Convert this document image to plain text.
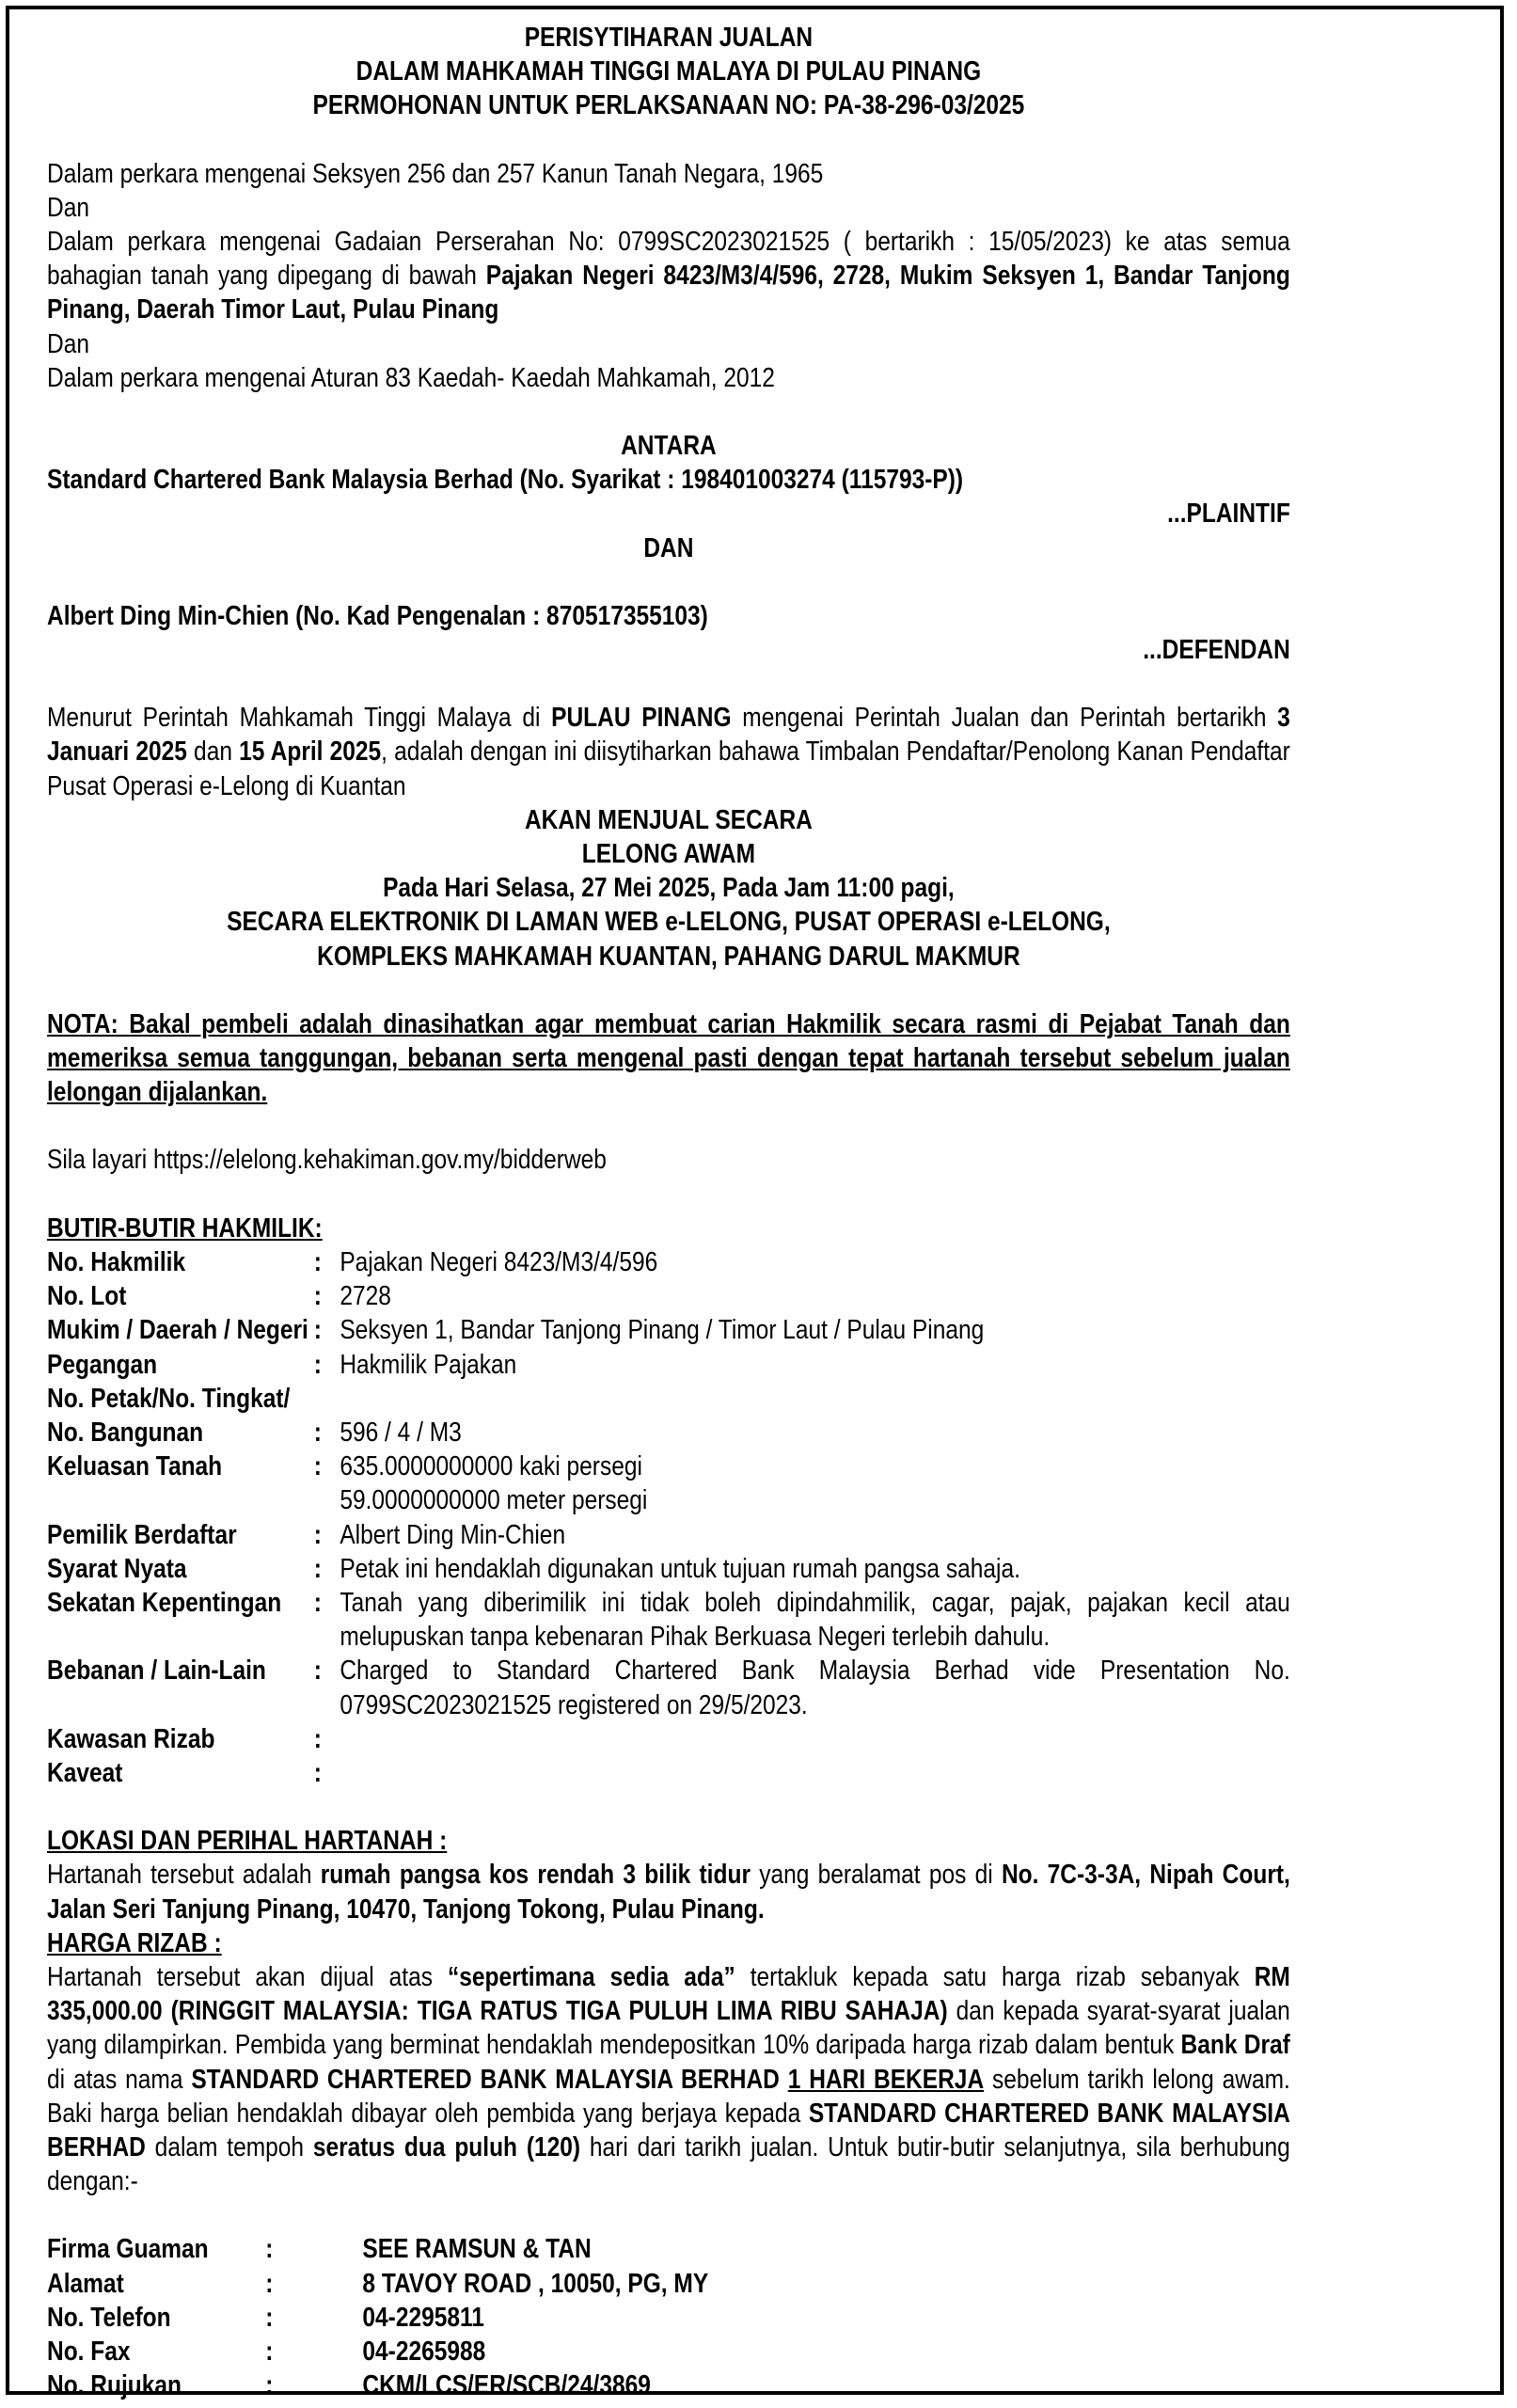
PERISYTIHARAN JUALAN

DALAM MAHKAMAH TINGGI MALAYA DI PULAU PINANG

PERMOHONAN UNTUK PERLAKSANAAN NO: PA-38-296-03/2025

Dalam perkara mengenai Seksyen 256 dan 257 Kanun Tanah Negara, 1965

Dan

Dalam perkara mengenai Gadaian Perserahan No: 0799SC2023021525 ( bertarikh : 15/05/2023) ke atas semua bahagian tanah yang dipegang di bawah Pajakan Negeri 8423/M3/4/596, 2728, Mukim Seksyen 1, Bandar Tanjong Pinang, Daerah Timor Laut, Pulau Pinang

Dan

Dalam perkara mengenai Aturan 83 Kaedah- Kaedah Mahkamah, 2012

ANTARA

Standard Chartered Bank Malaysia Berhad (No. Syarikat : 198401003274 (115793-P))

...PLAINTIF

DAN

Albert Ding Min-Chien (No. Kad Pengenalan : 870517355103)

...DEFENDAN

Menurut Perintah Mahkamah Tinggi Malaya di PULAU PINANG mengenai Perintah Jualan dan Perintah bertarikh 3 Januari 2025 dan 15 April 2025, adalah dengan ini diisytiharkan bahawa Timbalan Pendaftar/Penolong Kanan Pendaftar Pusat Operasi e-Lelong di Kuantan

AKAN MENJUAL SECARA

LELONG AWAM

Pada Hari Selasa, 27 Mei 2025, Pada Jam 11:00 pagi,

SECARA ELEKTRONIK DI LAMAN WEB e-LELONG, PUSAT OPERASI e-LELONG,

KOMPLEKS MAHKAMAH KUANTAN, PAHANG DARUL MAKMUR

NOTA: Bakal pembeli adalah dinasihatkan agar membuat carian Hakmilik secara rasmi di Pejabat Tanah dan memeriksa semua tanggungan, bebanan serta mengenal pasti dengan tepat hartanah tersebut sebelum jualan lelongan dijalankan.

Sila layari https://elelong.kehakiman.gov.my/bidderweb

BUTIR-BUTIR HAKMILIK:

No. Hakmilik	:	Pajakan Negeri 8423/M3/4/596
No. Lot	:	2728
Mukim / Daerah / Negeri	:	Seksyen 1, Bandar Tanjong Pinang / Timor Laut / Pulau Pinang
Pegangan	:	Hakmilik Pajakan
No. Petak/No. Tingkat/		
No. Bangunan	:	596 / 4 / M3
Keluasan Tanah	:	635.0000000000 kaki persegi
		59.0000000000 meter persegi
Pemilik Berdaftar	:	Albert Ding Min-Chien
Syarat Nyata	:	Petak ini hendaklah digunakan untuk tujuan rumah pangsa sahaja.
Sekatan Kepentingan	:	Tanah yang diberimilik ini tidak boleh dipindahmilik, cagar, pajak, pajakan kecil atau melupuskan tanpa kebenaran Pihak Berkuasa Negeri terlebih dahulu.
Bebanan / Lain-Lain	:	Charged to Standard Chartered Bank Malaysia Berhad vide Presentation No. 0799SC2023021525 registered on 29/5/2023.
Kawasan Rizab	:	
Kaveat	:	

LOKASI DAN PERIHAL HARTANAH :

Hartanah tersebut adalah rumah pangsa kos rendah 3 bilik tidur yang beralamat pos di No. 7C-3-3A, Nipah Court, Jalan Seri Tanjung Pinang, 10470, Tanjong Tokong, Pulau Pinang.

HARGA RIZAB :

Hartanah tersebut akan dijual atas “sepertimana sedia ada” tertakluk kepada satu harga rizab sebanyak RM 335,000.00 (RINGGIT MALAYSIA: TIGA RATUS TIGA PULUH LIMA RIBU SAHAJA) dan kepada syarat-syarat jualan yang dilampirkan. Pembida yang berminat hendaklah mendepositkan 10% daripada harga rizab dalam bentuk Bank Draf di atas nama STANDARD CHARTERED BANK MALAYSIA BERHAD 1 HARI BEKERJA sebelum tarikh lelong awam. Baki harga belian hendaklah dibayar oleh pembida yang berjaya kepada STANDARD CHARTERED BANK MALAYSIA BERHAD dalam tempoh seratus dua puluh (120) hari dari tarikh jualan. Untuk butir-butir selanjutnya, sila berhubung dengan:-

Firma Guaman	:	SEE RAMSUN & TAN
Alamat	:	8 TAVOY ROAD , 10050, PG, MY
No. Telefon	:	04-2295811
No. Fax	:	04-2265988
No. Rujukan	:	CKM/LCS/ER/SCB/24/3869
